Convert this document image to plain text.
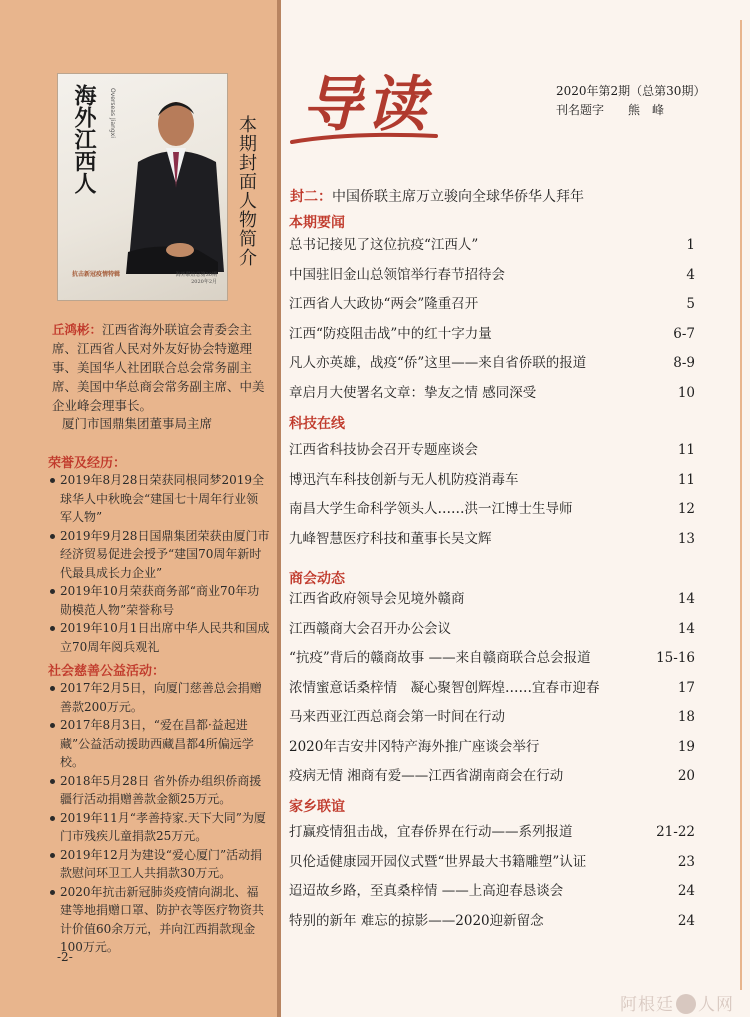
海外江西人	Overseas Jiangxi
抗击新冠疫情特辑	海外联谊总第30期
2020年2月
本期封面人物简介
丘鸿彬：江西省海外联谊会青委会主席、江西省人民对外友好协会特邀理事、美国华人社团联合总会常务副主席、美国中华总商会常务副主席、中美企业峰会理事长。
厦门市国鼎集团董事局主席
荣誉及经历：
2019年8月28日荣获同根同梦2019全球华人中秋晚会“建国七十周年行业领军人物”
2019年9月28日国鼎集团荣获由厦门市经济贸易促进会授予“建国70周年新时代最具成长力企业”
2019年10月荣获商务部“商业70年功勋模范人物”荣誉称号
2019年10月1日出席中华人民共和国成立70周年阅兵观礼
社会慈善公益活动：
2017年2月5日，向厦门慈善总会捐赠善款200万元。
2017年8月3日，“爱在昌都·益起进藏”公益活动援助西藏昌都4所偏远学校。
2018年5月28日 省外侨办组织侨商援疆行活动捐赠善款金额25万元。
2019年11月“孝善持家.天下大同”为厦门市残疾儿童捐款25万元。
2019年12月为建设“爱心厦门”活动捐款慰问环卫工人共捐款30万元。
2020年抗击新冠肺炎疫情向湖北、福建等地捐赠口罩、防护衣等医疗物资共计价值60余万元，并向江西捐款现金100万元。
-2-
导读	2020年第2期（总第30期）
刊名题字　　熊　峰
封二：中国侨联主席万立骏向全球华侨华人拜年
本期要闻
总书记接见了这位抗疫“江西人”	1
中国驻旧金山总领馆举行春节招待会	4
江西省人大政协“两会”隆重召开	5
江西“防疫阻击战”中的红十字力量	6-7
凡人亦英雄，战疫“侨”这里——来自省侨联的报道	8-9
章启月大使署名文章：挚友之情 感同深受	10
科技在线
江西省科技协会召开专题座谈会	11
博迅汽车科技创新与无人机防疫消毒车	11
南昌大学生命科学领头人……洪一江博士生导师	12
九峰智慧医疗科技和董事长吴文辉	13
商会动态
江西省政府领导会见境外赣商	14
江西赣商大会召开办公会议	14
“抗疫”背后的赣商故事 ——来自赣商联合总会报道	15-16
浓情蜜意话桑梓情　凝心聚智创辉煌……宜春市迎春	17
马来西亚江西总商会第一时间在行动	18
2020年吉安井冈特产海外推广座谈会举行	19
疫病无情 湘商有爱——江西省湖南商会在行动	20
家乡联谊
打赢疫情狙击战，宜春侨界在行动——系列报道	21-22
贝伦适健康园开园仪式暨“世界最大书籍雕塑”认证	23
迢迢故乡路，至真桑梓情 ——上高迎春恳谈会	24
特别的新年 难忘的掠影——2020迎新留念	24
阿根廷 人网
